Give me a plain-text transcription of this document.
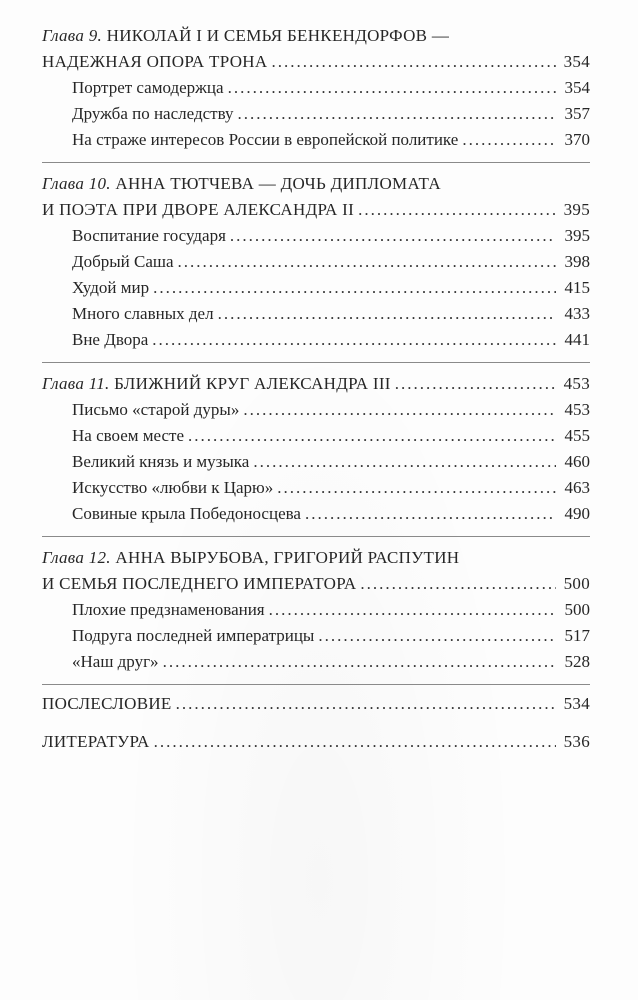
Глава 9.
НИКОЛАЙ I И СЕМЬЯ БЕНКЕНДОРФОВ —
НАДЕЖНАЯ ОПОРА ТРОНА .....	354
Портрет самодержца .....	354
Дружба по наследству .....	357
На страже интересов России в европейской политике .....	370
Глава 10.
АННА ТЮТЧЕВА — ДОЧЬ ДИПЛОМАТА
И ПОЭТА ПРИ ДВОРЕ АЛЕКСАНДРА II .....	395
Воспитание государя .....	395
Добрый Саша .....	398
Худой мир .....	415
Много славных дел .....	433
Вне Двора .....	441
Глава 11.
БЛИЖНИЙ КРУГ АЛЕКСАНДРА III .....	453
Письмо «старой дуры» .....	453
На своем месте .....	455
Великий князь и музыка .....	460
Искусство «любви к Царю» .....	463
Совиные крыла Победоносцева .....	490
Глава 12.
АННА ВЫРУБОВА, ГРИГОРИЙ РАСПУТИН
И СЕМЬЯ ПОСЛЕДНЕГО ИМПЕРАТОРА .....	500
Плохие предзнаменования .....	500
Подруга последней императрицы .....	517
«Наш друг» .....	528
ПОСЛЕСЛОВИЕ .....	534
ЛИТЕРАТУРА .....	536
